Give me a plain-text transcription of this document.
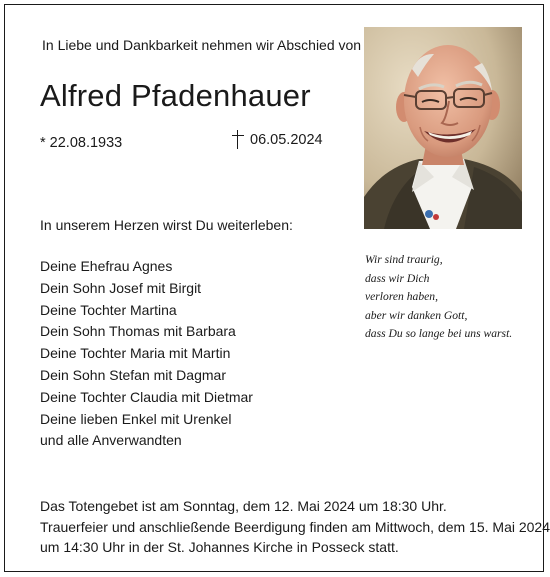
In Liebe und Dankbarkeit nehmen wir Abschied von
Alfred Pfadenhauer
* 22.08.1933	06.05.2024
In unserem Herzen wirst Du weiterleben:
Deine Ehefrau Agnes
Dein Sohn Josef mit Birgit
Deine Tochter Martina
Dein Sohn Thomas mit Barbara
Deine Tochter Maria mit Martin
Dein Sohn Stefan mit Dagmar
Deine Tochter Claudia mit Dietmar
Deine lieben Enkel mit Urenkel
und alle Anverwandten
Wir sind traurig,
dass wir Dich
verloren haben,
aber wir danken Gott,
dass Du so lange bei uns warst.
Das Totengebet ist am Sonntag, dem 12. Mai 2024 um 18:30 Uhr.
Trauerfeier und anschließende Beerdigung finden am Mittwoch, dem 15. Mai 2024
um 14:30 Uhr in der St. Johannes Kirche in Posseck statt.
